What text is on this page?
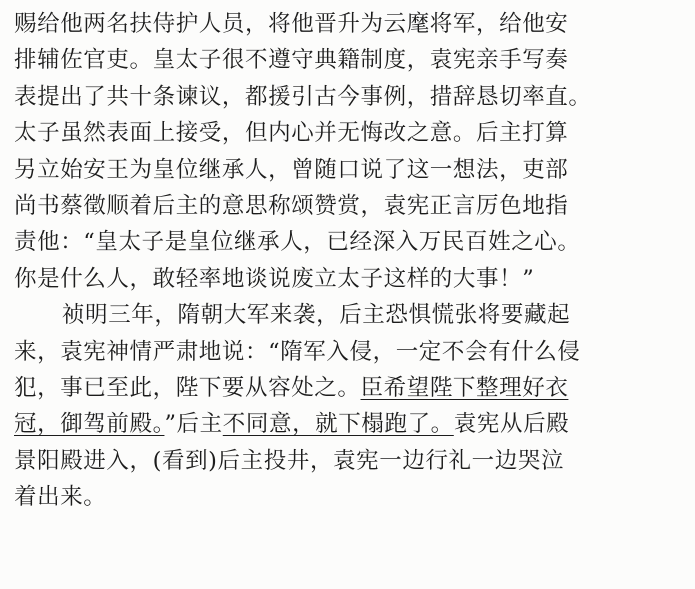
赐给他两名扶侍护人员，将他晋升为云麾将军，给他安
排辅佐官吏。皇太子很不遵守典籍制度，袁宪亲手写奏
表提出了共十条谏议，都援引古今事例，措辞恳切率直。
太子虽然表面上接受，但内心并无悔改之意。后主打算
另立始安王为皇位继承人，曾随口说了这一想法，吏部
尚书蔡徵顺着后主的意思称颂赞赏，袁宪正言厉色地指
责他：“皇太子是皇位继承人，已经深入万民百姓之心。
你是什么人，敢轻率地谈说废立太子这样的大事！”
祯明三年，隋朝大军来袭，后主恐惧慌张将要藏起
来，袁宪神情严肃地说：“隋军入侵，一定不会有什么侵
犯，事已至此，陛下要从容处之。臣希望陛下整理好衣
冠，御驾前殿。”后主不同意，就下榻跑了。袁宪从后殿
景阳殿进入，(看到)后主投井，袁宪一边行礼一边哭泣
着出来。
